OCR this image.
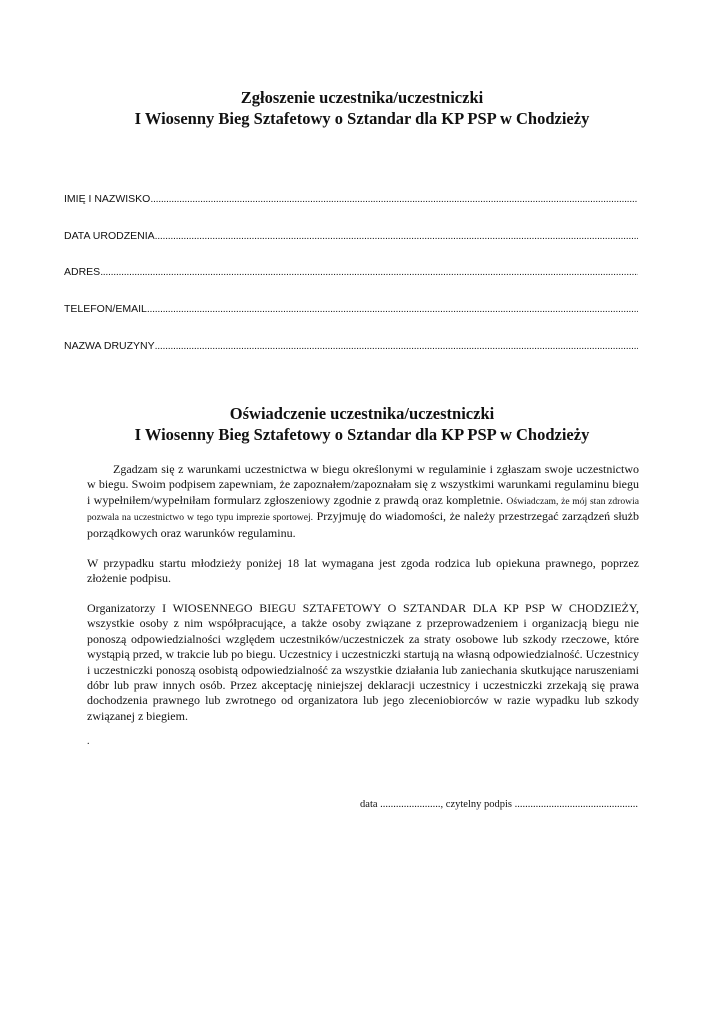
Zgłoszenie uczestnika/uczestniczki
I Wiosenny Bieg Sztafetowy o Sztandar dla KP PSP w Chodzieży
IMIĘ I NAZWISKO
.....
DATA URODZENIA
.....
ADRES
.....
TELEFON/EMAIL
.....
NAZWA DRUZYNY
.....
Oświadczenie uczestnika/uczestniczki
I Wiosenny Bieg Sztafetowy o Sztandar dla KP PSP w Chodzieży
Zgadzam się z warunkami uczestnictwa w biegu określonymi w regulaminie i zgłaszam swoje uczestnictwo w biegu. Swoim podpisem zapewniam, że zapoznałem/zapoznałam się z wszystkimi warunkami regulaminu biegu i wypełniłem/wypełniłam formularz zgłoszeniowy zgodnie z prawdą oraz kompletnie. Oświadczam, że mój stan zdrowia pozwala na uczestnictwo w tego typu imprezie sportowej. Przyjmuję do wiadomości, że należy przestrzegać zarządzeń służb porządkowych oraz warunków regulaminu.
W przypadku startu młodzieży poniżej 18 lat wymagana jest zgoda rodzica lub opiekuna prawnego, poprzez złożenie podpisu.
Organizatorzy I WIOSENNEGO BIEGU SZTAFETOWY O SZTANDAR DLA KP PSP W CHODZIEŻY, wszystkie osoby z nim współpracujące, a także osoby związane z przeprowadzeniem i organizacją biegu nie ponoszą odpowiedzialności względem uczestników/uczestniczek za straty osobowe lub szkody rzeczowe, które wystąpią przed, w trakcie lub po biegu. Uczestnicy i uczestniczki startują na własną odpowiedzialność. Uczestnicy i uczestniczki ponoszą osobistą odpowiedzialność za wszystkie działania lub zaniechania skutkujące naruszeniami dóbr lub praw innych osób. Przez akceptację niniejszej deklaracji uczestnicy i uczestniczki zrzekają się prawa dochodzenia prawnego lub zwrotnego od organizatora lub jego zleceniobiorców w razie wypadku lub szkody związanej z biegiem.
.
data ......................., czytelny podpis ...............................................
